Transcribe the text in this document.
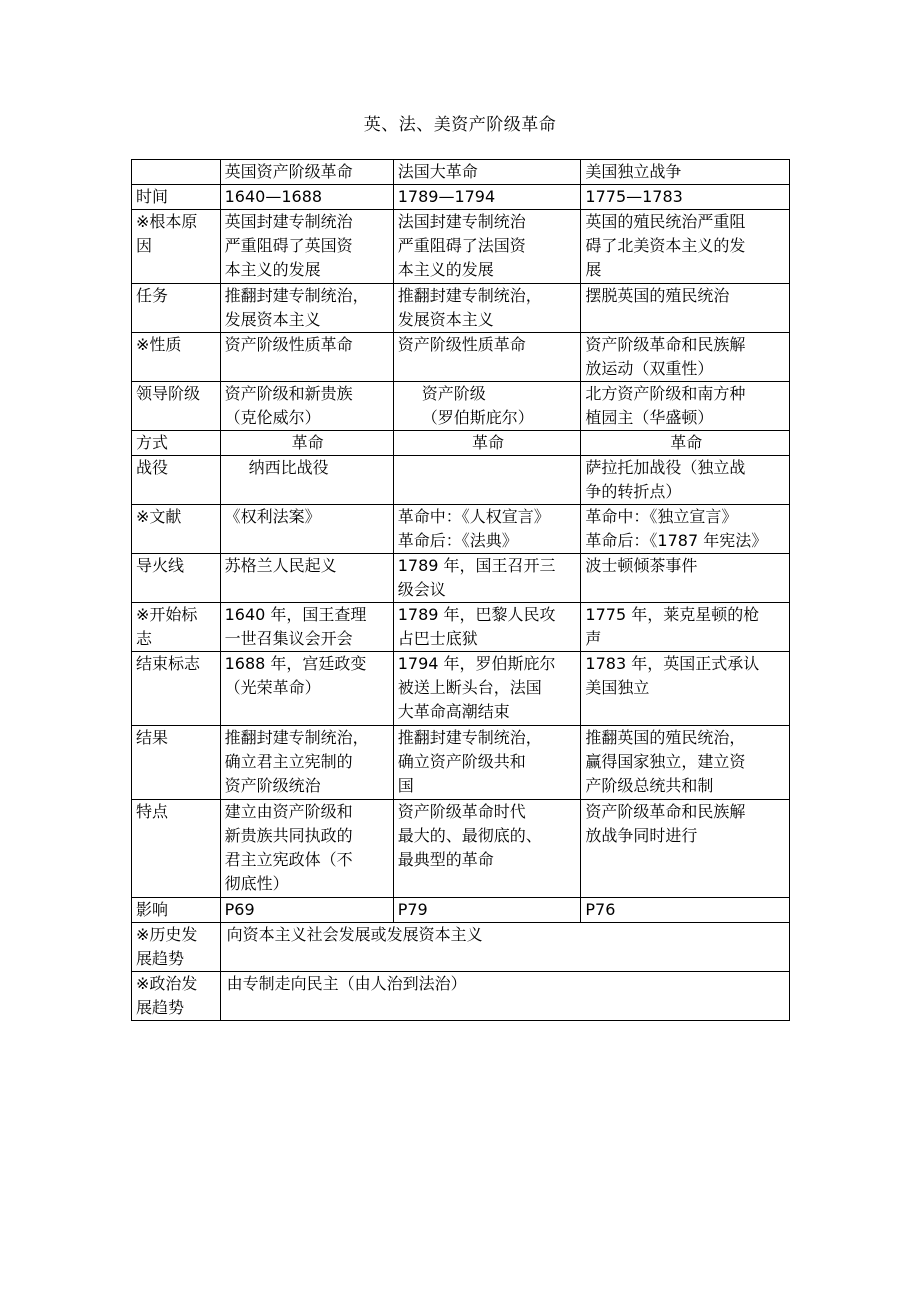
英、法、美资产阶级革命
	英国资产阶级革命	法国大革命	美国独立战争

时间	1640—1688	1789—1794	1775—1783

※根本原
因	英国封建专制统治
严重阻碍了英国资
本主义的发展	法国封建专制统治
严重阻碍了法国资
本主义的发展	英国的殖民统治严重阻
碍了北美资本主义的发
展

任务	推翻封建专制统治，
发展资本主义	推翻封建专制统治，
发展资本主义	摆脱英国的殖民统治

※性质	资产阶级性质革命	资产阶级性质革命	资产阶级革命和民族解
放运动（双重性）

领导阶级	资产阶级和新贵族
（克伦威尔）	资产阶级
（罗伯斯庇尔）	北方资产阶级和南方种
植园主（华盛顿）

方式	革命	革命	革命

战役	纳西比战役		萨拉托加战役（独立战
争的转折点）

※文献	《权利法案》	革命中：《人权宣言》
革命后：《法典》	革命中：《独立宣言》
革命后：《1787 年宪法》

导火线	苏格兰人民起义	1789 年，国王召开三
级会议	波士顿倾茶事件

※开始标
志	1640 年，国王查理
一世召集议会开会	1789 年，巴黎人民攻
占巴士底狱	1775 年，莱克星顿的枪
声

结束标志	1688 年，宫廷政变
（光荣革命）	1794 年，罗伯斯庇尔
被送上断头台，法国
大革命高潮结束	1783 年，英国正式承认
美国独立

结果	推翻封建专制统治，
确立君主立宪制的
资产阶级统治	推翻封建专制统治，
确立资产阶级共和
国	推翻英国的殖民统治，
赢得国家独立，建立资
产阶级总统共和制

特点	建立由资产阶级和
新贵族共同执政的
君主立宪政体（不
彻底性）	资产阶级革命时代
最大的、最彻底的、
最典型的革命	资产阶级革命和民族解
放战争同时进行

影响	P69	P79	P76

※历史发
展趋势	向资本主义社会发展或发展资本主义		

※政治发
展趋势	由专制走向民主（由人治到法治）		
